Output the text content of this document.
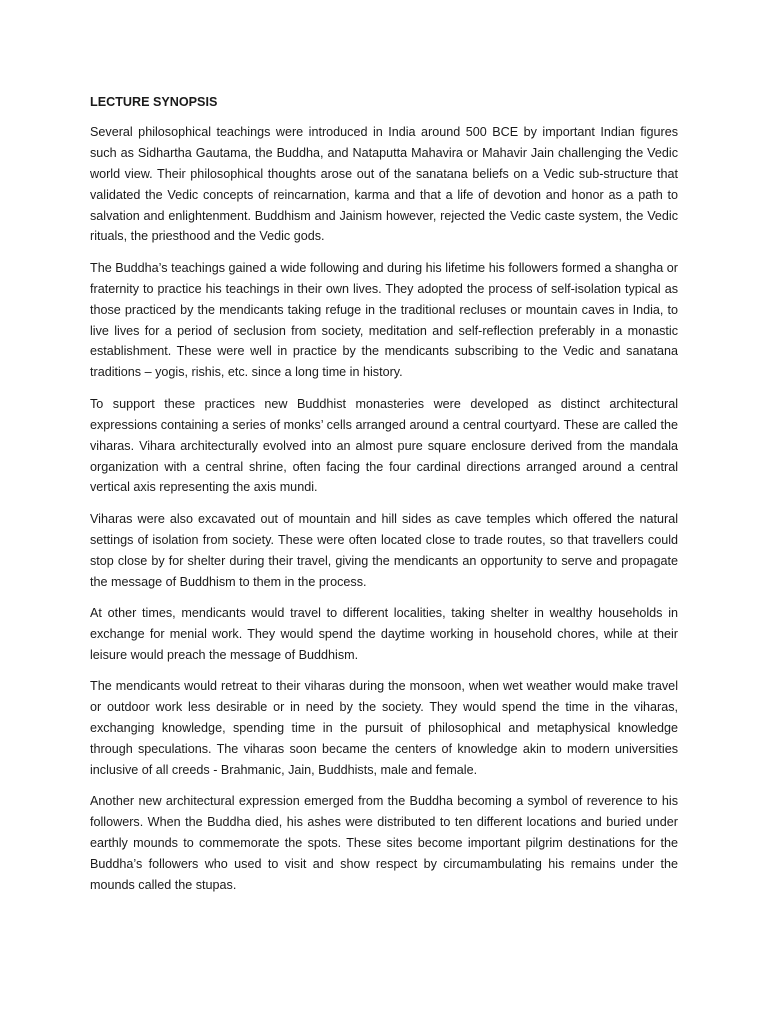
LECTURE SYNOPSIS

Several philosophical teachings were introduced in India around 500 BCE by important Indian figures such as Sidhartha Gautama, the Buddha, and Nataputta Mahavira or Mahavir Jain challenging the Vedic world view. Their philosophical thoughts arose out of the sanatana beliefs on a Vedic sub-structure that validated the Vedic concepts of reincarnation, karma and that a life of devotion and honor as a path to salvation and enlightenment. Buddhism and Jainism however, rejected the Vedic caste system, the Vedic rituals, the priesthood and the Vedic gods.

The Buddha’s teachings gained a wide following and during his lifetime his followers formed a shangha or fraternity to practice his teachings in their own lives. They adopted the process of self-isolation typical as those practiced by the mendicants taking refuge in the traditional recluses or mountain caves in India, to live lives for a period of seclusion from society, meditation and self-reflection preferably in a monastic establishment. These were well in practice by the mendicants subscribing to the Vedic and sanatana traditions – yogis, rishis, etc. since a long time in history.

To support these practices new Buddhist monasteries were developed as distinct architectural expressions containing a series of monks’ cells arranged around a central courtyard. These are called the viharas. Vihara architecturally evolved into an almost pure square enclosure derived from the mandala organization with a central shrine, often facing the four cardinal directions arranged around a central vertical axis representing the axis mundi.

Viharas were also excavated out of mountain and hill sides as cave temples which offered the natural settings of isolation from society. These were often located close to trade routes, so that travellers could stop close by for shelter during their travel, giving the mendicants an opportunity to serve and propagate the message of Buddhism to them in the process.

At other times, mendicants would travel to different localities, taking shelter in wealthy households in exchange for menial work. They would spend the daytime working in household chores, while at their leisure would preach the message of Buddhism.

The mendicants would retreat to their viharas during the monsoon, when wet weather would make travel or outdoor work less desirable or in need by the society. They would spend the time in the viharas, exchanging knowledge, spending time in the pursuit of philosophical and metaphysical knowledge through speculations. The viharas soon became the centers of knowledge akin to modern universities inclusive of all creeds - Brahmanic, Jain, Buddhists, male and female.

Another new architectural expression emerged from the Buddha becoming a symbol of reverence to his followers. When the Buddha died, his ashes were distributed to ten different locations and buried under earthly mounds to commemorate the spots. These sites become important pilgrim destinations for the Buddha’s followers who used to visit and show respect by circumambulating his remains under the mounds called the stupas.
